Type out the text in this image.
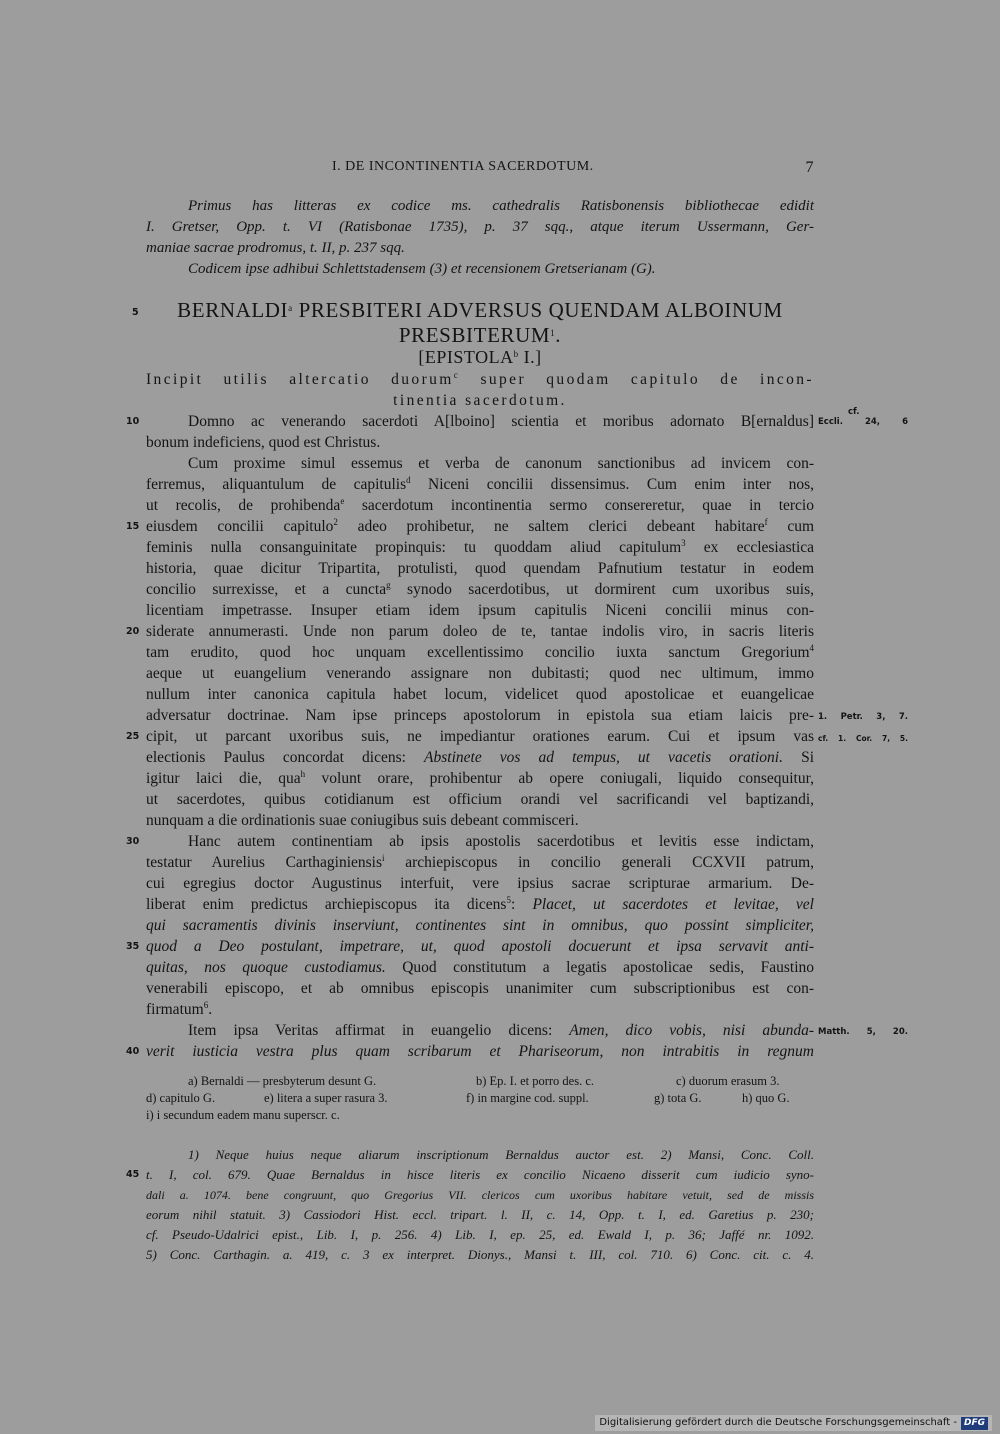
I. DE INCONTINENTIA SACERDOTUM.	7
Primus has litteras ex codice ms. cathedralis Ratisbonensis bibliothecae edidit
I. Gretser, Opp. t. VI (Ratisbonae 1735), p. 37 sqq., atque iterum Ussermann, Ger-
maniae sacrae prodromus, t. II, p. 237 sqq.
Codicem ipse adhibui Schlettstadensem (3) et recensionem Gretserianam (G).
5	BERNALDI$^a$ PRESBITERI ADVERSUS QUENDAM ALBOINUM
PRESBITERUM$^1$.
[EPISTOLA$^b$ I.]
Incipit utilis altercatio duorum$^c$ super quodam capitulo de incon-
tinentia sacerdotum.
10	Domno ac venerando sacerdoti A[lboino] scientia et moribus adornato B[ernaldus]
cf.
Eccli. 24, 6
bonum indeficiens, quod est Christus.
Cum proxime simul essemus et verba de canonum sanctionibus ad invicem con-
ferremus, aliquantulum de capitulis$^d$ Niceni concilii dissensimus. Cum enim inter nos,
ut recolis, de prohibenda$^e$ sacerdotum incontinentia sermo consereretur, quae in tercio
15 eiusdem concilii capitulo$^2$ adeo prohibetur, ne saltem clerici debeant habitare$^f$ cum
feminis nulla consanguinitate propinquis: tu quoddam aliud capitulum$^3$ ex ecclesiastica
historia, quae dicitur Tripartita, protulisti, quod quendam Pafnutium testatur in eodem
concilio surrexisse, et a cuncta$^g$ synodo sacerdotibus, ut dormirent cum uxoribus suis,
licentiam impetrasse. Insuper etiam idem ipsum capitulis Niceni concilii minus con-
20 siderate annumerasti. Unde non parum doleo de te, tantae indolis viro, in sacris literis
tam erudito, quod hoc unquam excellentissimo concilio iuxta sanctum Gregorium$^4$
aeque ut euangelium venerando assignare non dubitasti; quod nec ultimum, immo
nullum inter canonica capitula habet locum, videlicet quod apostolicae et euangelicae
adversatur doctrinae. Nam ipse princeps apostolorum in epistola sua etiam laicis pre- 1. Petr. 3, 7.
25 cipit, ut parcant uxoribus suis, ne impediantur orationes earum. Cui et ipsum vas cf. 1. Cor. 7, 5.
electionis Paulus concordat dicens: Abstinete vos ad tempus, ut vacetis orationi. Si
igitur laici die, qua$^h$ volunt orare, prohibentur ab opere coniugali, liquido consequitur,
ut sacerdotes, quibus cotidianum est officium orandi vel sacrificandi vel baptizandi,
nunquam a die ordinationis suae coniugibus suis debeant commisceri.
30	Hanc autem continentiam ab ipsis apostolis sacerdotibus et levitis esse indictam,
testatur Aurelius Carthaginiensis$^i$ archiepiscopus in concilio generali CCXVII patrum,
cui egregius doctor Augustinus interfuit, vere ipsius sacrae scripturae armarium. De-
liberat enim predictus archiepiscopus ita dicens$^5$: Placet, ut sacerdotes et levitae, vel
qui sacramentis divinis inserviunt, continentes sint in omnibus, quo possint simpliciter,
35 quod a Deo postulant, impetrare, ut, quod apostoli docuerunt et ipsa servavit anti-
quitas, nos quoque custodiamus. Quod constitutum a legatis apostolicae sedis, Faustino
venerabili episcopo, et ab omnibus episcopis unanimiter cum subscriptionibus est con-
firmatum$^6$.
Item ipsa Veritas affirmat in euangelio dicens: Amen, dico vobis, nisi abunda- Matth. 5, 20.
40 verit iusticia vestra plus quam scribarum et Phariseorum, non intrabitis in regnum
a) Bernaldi — presbyterum desunt G.	b) Ep. I. et porro des. c.	c) duorum erasum 3.
d) capitulo G.	e) litera a super rasura 3.	f) in margine cod. suppl.	g) tota G.	h) quo G.
i) i secundum eadem manu superscr. c.
1) Neque huius neque aliarum inscriptionum Bernaldus auctor est. 2) Mansi, Conc. Coll.
45 t. I, col. 679. Quae Bernaldus in hisce literis ex concilio Nicaeno disserit cum iudicio syno-
dali a. 1074. bene congruunt, quo Gregorius VII. clericos cum uxoribus habitare vetuit, sed de missis
eorum nihil statuit. 3) Cassiodori Hist. eccl. tripart. l. II, c. 14, Opp. t. I, ed. Garetius p. 230;
cf. Pseudo-Udalrici epist., Lib. I, p. 256. 4) Lib. I, ep. 25, ed. Ewald I, p. 36; Jaffé nr. 1092.
5) Conc. Carthagin. a. 419, c. 3 ex interpret. Dionys., Mansi t. III, col. 710. 6) Conc. cit. c. 4.
Digitalisierung gefördert durch die Deutsche Forschungsgemeinschaft - DFG
